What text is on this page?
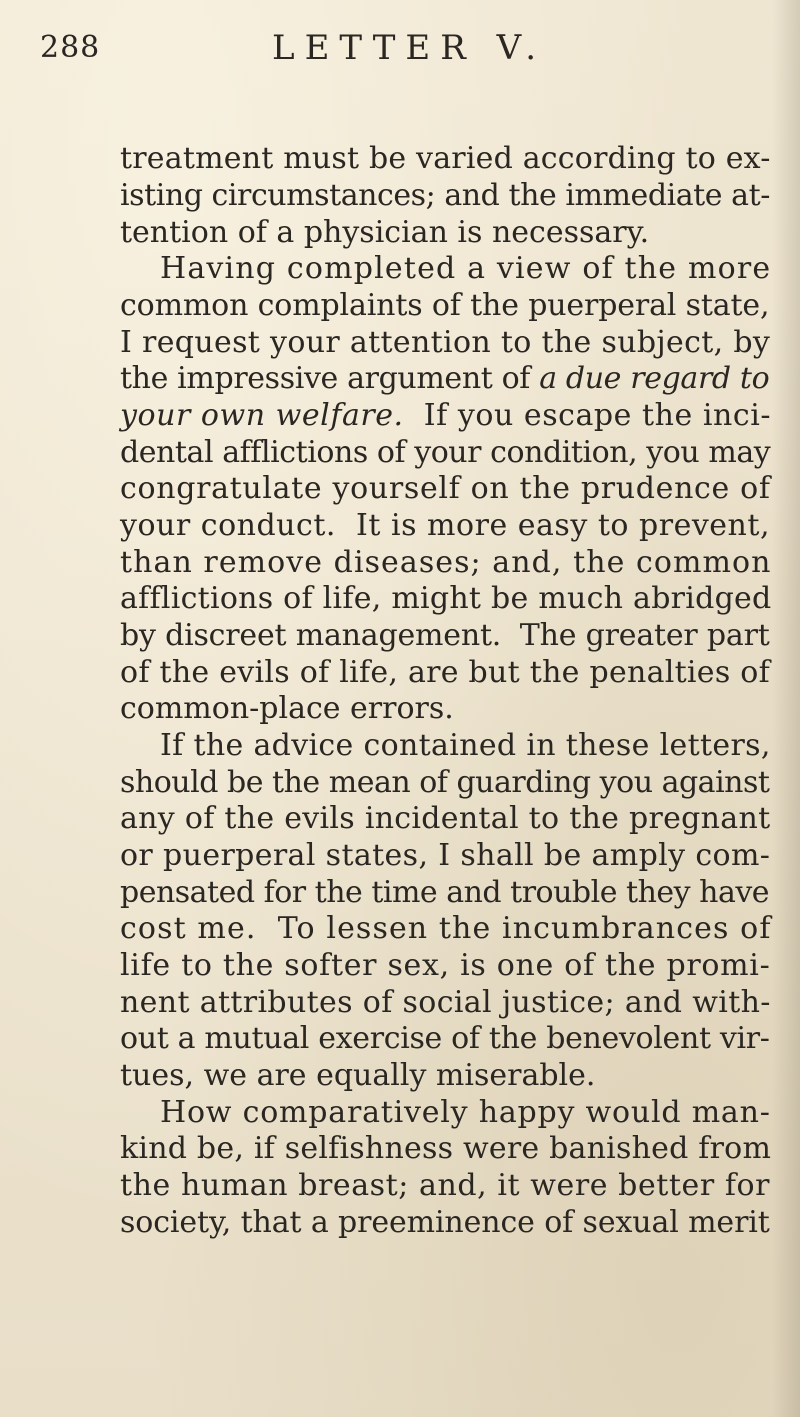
288	LETTER V.
treatment must be varied according to ex-
isting circumstances; and the immediate at-
tention of a physician is necessary.
Having completed a view of the more
common complaints of the puerperal state,
I request your attention to the subject, by
the impressive argument of a due regard to
your own welfare.  If you escape the inci-
dental afflictions of your condition, you may
congratulate yourself on the prudence of
your conduct.  It is more easy to prevent,
than remove diseases; and, the common
afflictions of life, might be much abridged
by discreet management.  The greater part
of the evils of life, are but the penalties of
common-place errors.
If the advice contained in these letters,
should be the mean of guarding you against
any of the evils incidental to the pregnant
or puerperal states, I shall be amply com-
pensated for the time and trouble they have
cost me.  To lessen the incumbrances of
life to the softer sex, is one of the promi-
nent attributes of social justice; and with-
out a mutual exercise of the benevolent vir-
tues, we are equally miserable.
How comparatively happy would man-
kind be, if selfishness were banished from
the human breast; and, it were better for
society, that a preeminence of sexual merit
